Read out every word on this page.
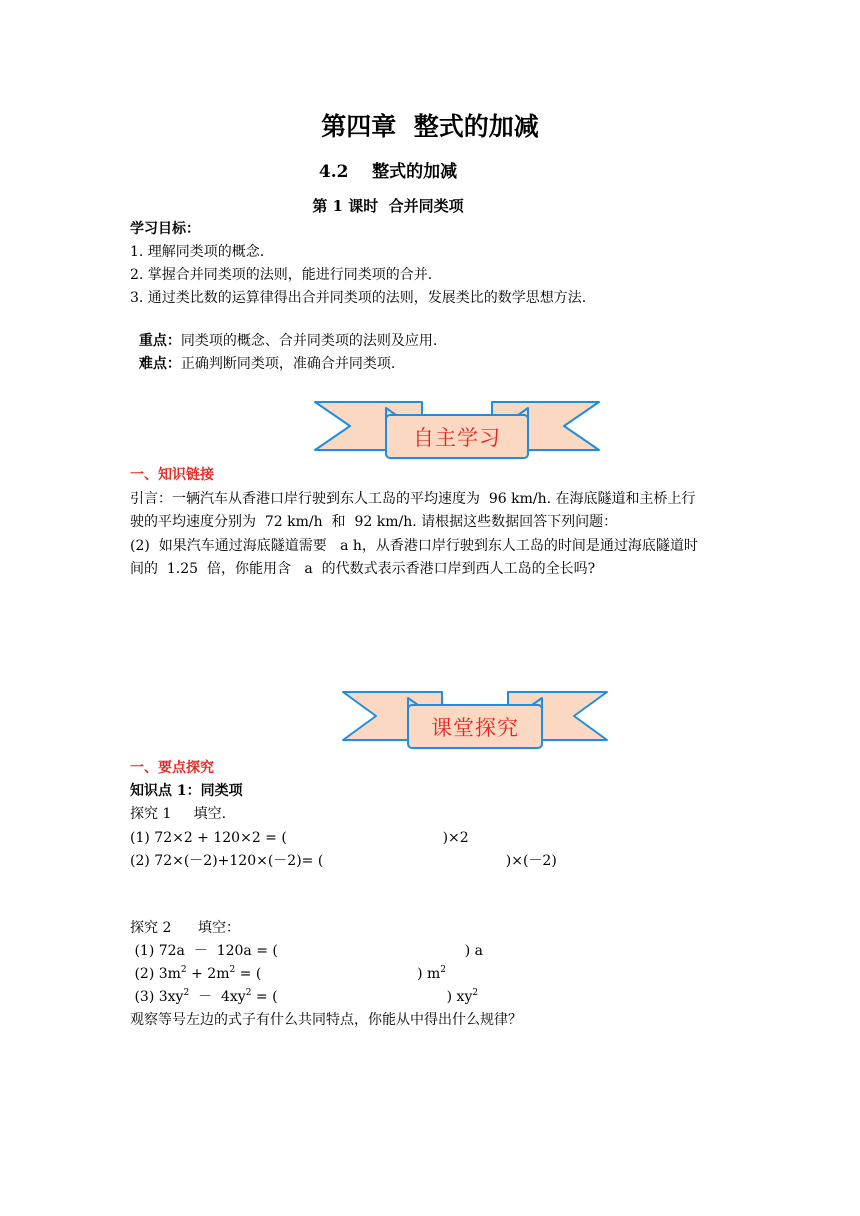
第四章  整式的加减
4.2    整式的加减
第 1 课时  合并同类项
学习目标：
1. 理解同类项的概念.
2. 掌握合并同类项的法则，能进行同类项的合并.
3. 通过类比数的运算律得出合并同类项的法则，发展类比的数学思想方法.

重点：同类项的概念、合并同类项的法则及应用.

难点：正确判断同类项，准确合并同类项.

自主学习
一、知识链接
引言：一辆汽车从香港口岸行驶到东人工岛的平均速度为  96 km/h. 在海底隧道和主桥上行
驶的平均速度分别为  72 km/h  和  92 km/h. 请根据这些数据回答下列问题：
(2)  如果汽车通过海底隧道需要   a h，从香港口岸行驶到东人工岛的时间是通过海底隧道时
间的  1.25  倍，你能用含   a  的代数式表示香港口岸到西人工岛的全长吗?
课堂探究
一、要点探究
知识点 1：同类项
探究 1     填空.
(1) 72×2 + 120×2 = (                                   )×2
(2) 72×(－2)+120×(－2)= (                                         )×(－2)
探究 2      填空：
(1) 72a  －  120a = (                                          ) a
(2) $3m^2 + 2m^2$ = (                                   ) $m^2$
(3) $3xy^2 - 4xy^2$ = (                                      ) $xy^2$
观察等号左边的式子有什么共同特点，你能从中得出什么规律？
